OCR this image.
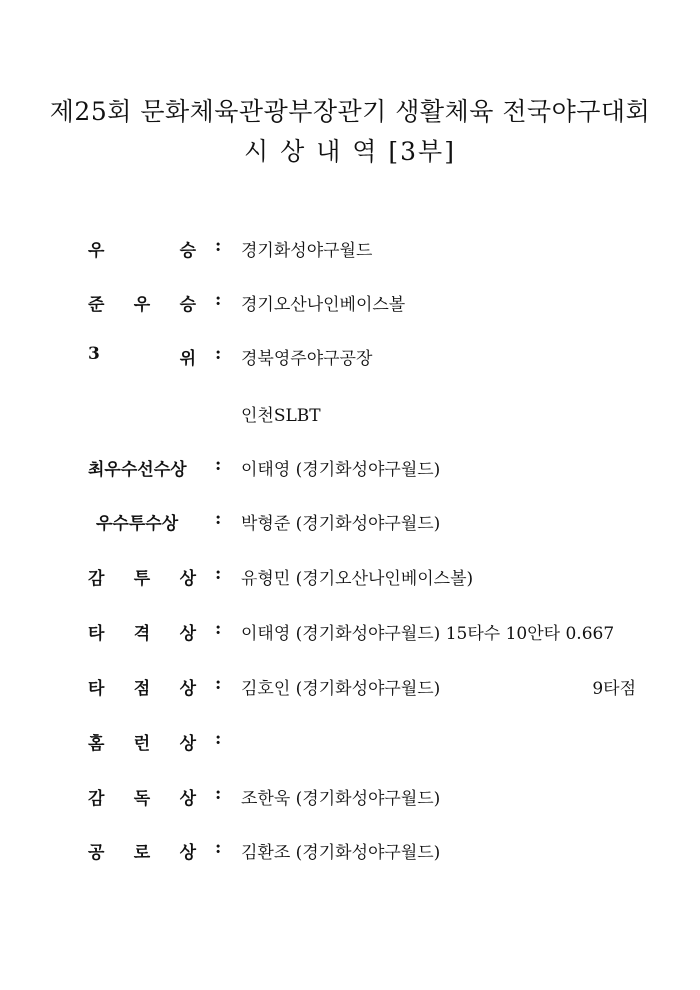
제25회 문화체육관광부장관기 생활체육 전국야구대회
시 상 내 역 [3부]
우	승 : 경기화성야구월드
준 우 승 : 경기오산나인베이스볼
3	위 : 경북영주야구공장
인천SLBT
최우수선수상 : 이태영 (경기화성야구월드)
우수투수상 : 박형준 (경기화성야구월드)
감 투 상 : 유형민 (경기오산나인베이스볼)
타 격 상 : 이태영 (경기화성야구월드) 15타수 10안타 0.667
타 점 상 : 김호인 (경기화성야구월드)	9타점
홈 런 상 :
감 독 상 : 조한욱 (경기화성야구월드)
공 로 상 : 김환조 (경기화성야구월드)
